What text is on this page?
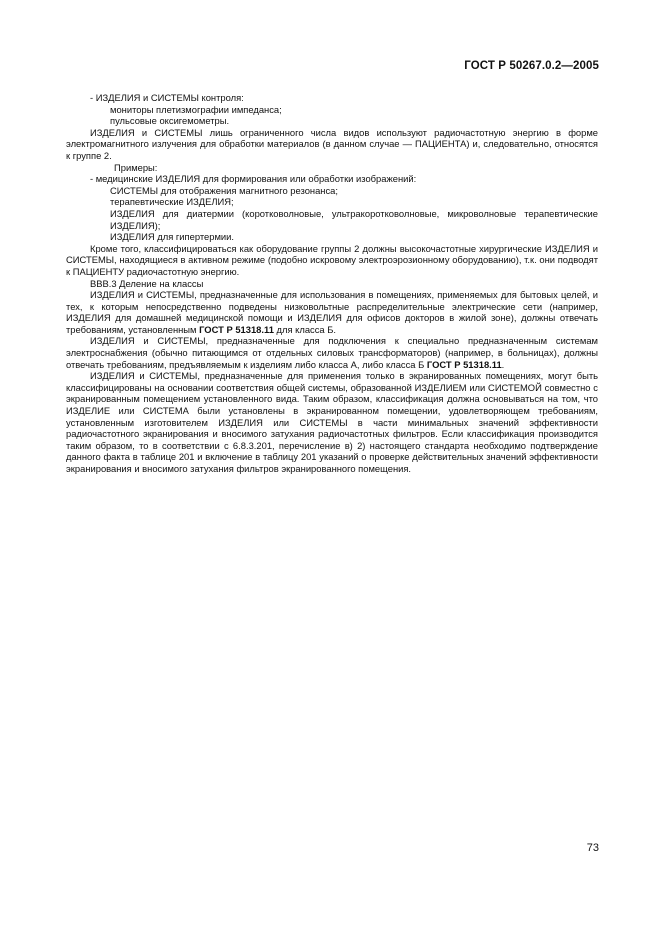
ГОСТ Р 50267.0.2—2005

- ИЗДЕЛИЯ и СИСТЕМЫ контроля:

мониторы плетизмографии импеданса;

пульсовые оксигемометры.

ИЗДЕЛИЯ и СИСТЕМЫ лишь ограниченного числа видов используют радиочастотную энергию в форме электромагнитного излучения для обработки материалов (в данном случае — ПАЦИЕНТА) и, следовательно, относятся к группе 2.

Примеры:

- медицинские ИЗДЕЛИЯ для формирования или обработки изображений:

СИСТЕМЫ для отображения магнитного резонанса;

терапевтические ИЗДЕЛИЯ;

ИЗДЕЛИЯ для диатермии (коротковолновые, ультракоротковолновые, микроволновые терапевтические ИЗДЕЛИЯ);

ИЗДЕЛИЯ для гипертермии.

Кроме того, классифицироваться как оборудование группы 2 должны высокочастотные хирургические ИЗДЕЛИЯ и СИСТЕМЫ, находящиеся в активном режиме (подобно искровому электроэрозионному оборудованию), т.к. они подводят к ПАЦИЕНТУ радиочастотную энергию.

ВВВ.3 Деление на классы

ИЗДЕЛИЯ и СИСТЕМЫ, предназначенные для использования в помещениях, применяемых для бытовых целей, и тех, к которым непосредственно подведены низковольтные распределительные электрические сети (например, ИЗДЕЛИЯ для домашней медицинской помощи и ИЗДЕЛИЯ для офисов докторов в жилой зоне), должны отвечать требованиям, установленным ГОСТ Р 51318.11 для класса Б.

ИЗДЕЛИЯ и СИСТЕМЫ, предназначенные для подключения к специально предназначенным системам электроснабжения (обычно питающимся от отдельных силовых трансформаторов) (например, в больницах), должны отвечать требованиям, предъявляемым к изделиям либо класса А, либо класса Б ГОСТ Р 51318.11.

ИЗДЕЛИЯ и СИСТЕМЫ, предназначенные для применения только в экранированных помещениях, могут быть классифицированы на основании соответствия общей системы, образованной ИЗДЕЛИЕМ или СИСТЕМОЙ совместно с экранированным помещением установленного вида. Таким образом, классификация должна основываться на том, что ИЗДЕЛИЕ или СИСТЕМА были установлены в экранированном помещении, удовлетворяющем требованиям, установленным изготовителем ИЗДЕЛИЯ или СИСТЕМЫ в части минимальных значений эффективности радиочастотного экранирования и вносимого затухания радиочастотных фильтров. Если классификация производится таким образом, то в соответствии с 6.8.3.201, перечисление в) 2) настоящего стандарта необходимо подтверждение данного факта в таблице 201 и включение в таблицу 201 указаний о проверке действительных значений эффективности экранирования и вносимого затухания фильтров экранированного помещения.

73
